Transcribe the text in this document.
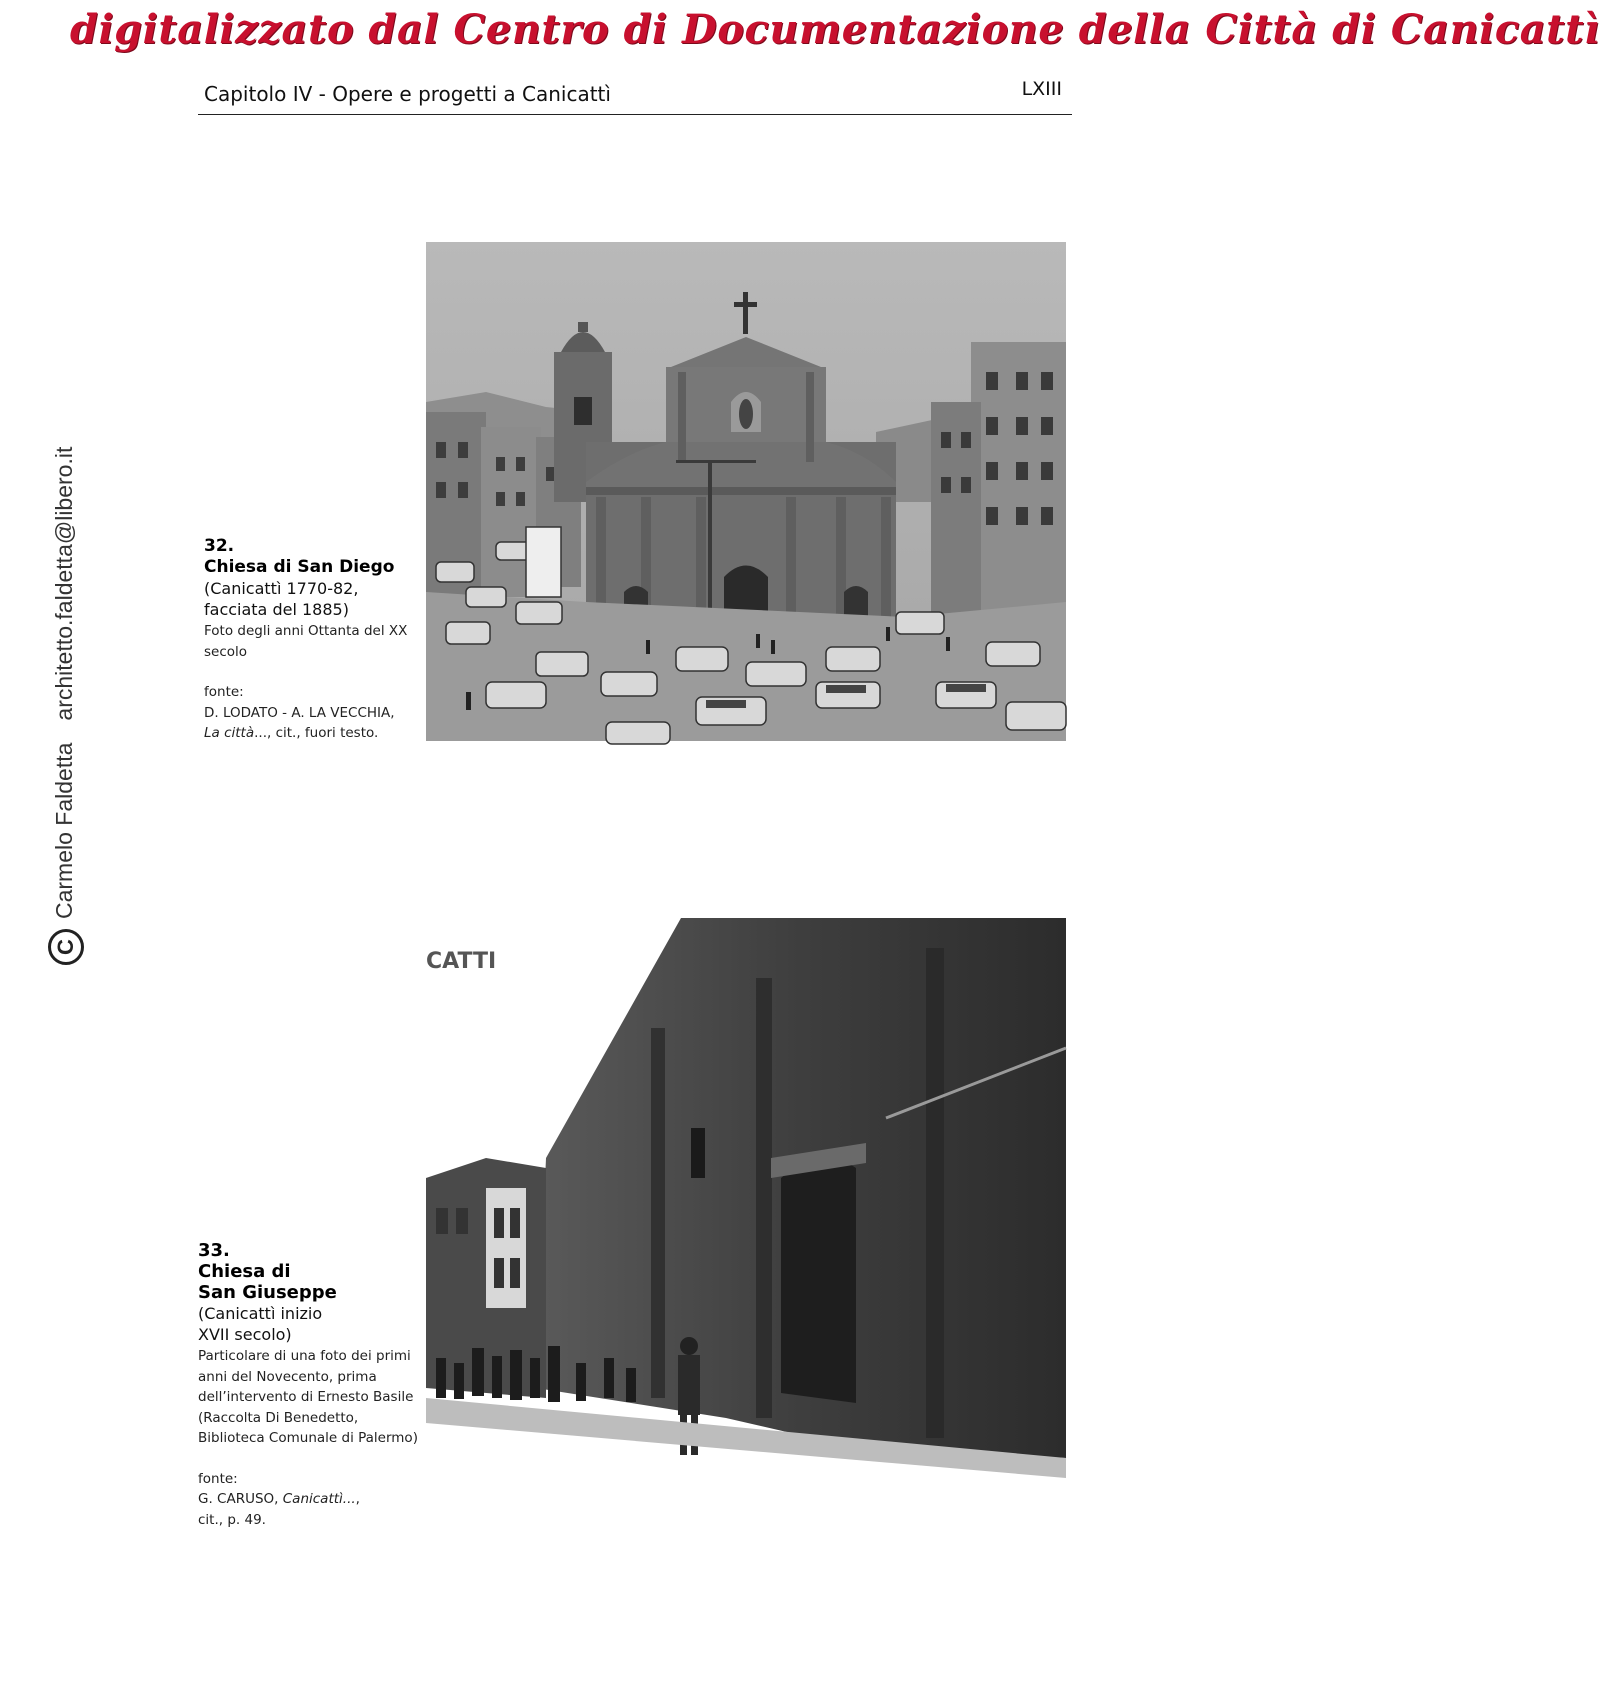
digitalizzato dal Centro di Documentazione della Città di Canicattì
Capitolo IV - Opere e progetti a Canicattì	LXIII
CCarmelo Faldettaarchitetto.faldetta@libero.it	32.
Chiesa di San Diego
(Canicattì 1770-82,
facciata del 1885)
Foto degli anni Ottanta del XX secolo
fonte:
D. LODATO - A. LA VECCHIA,
La città..., cit., fuori testo.
CATTI
33.
Chiesa di
San Giuseppe
(Canicattì inizio
XVII secolo)
Particolare di una foto dei primi anni del Novecento, prima dell’intervento di Ernesto Basile (Raccolta Di Benedetto, Biblioteca Comunale di Palermo)
fonte:
G. CARUSO, Canicattì...,
cit., p. 49.
